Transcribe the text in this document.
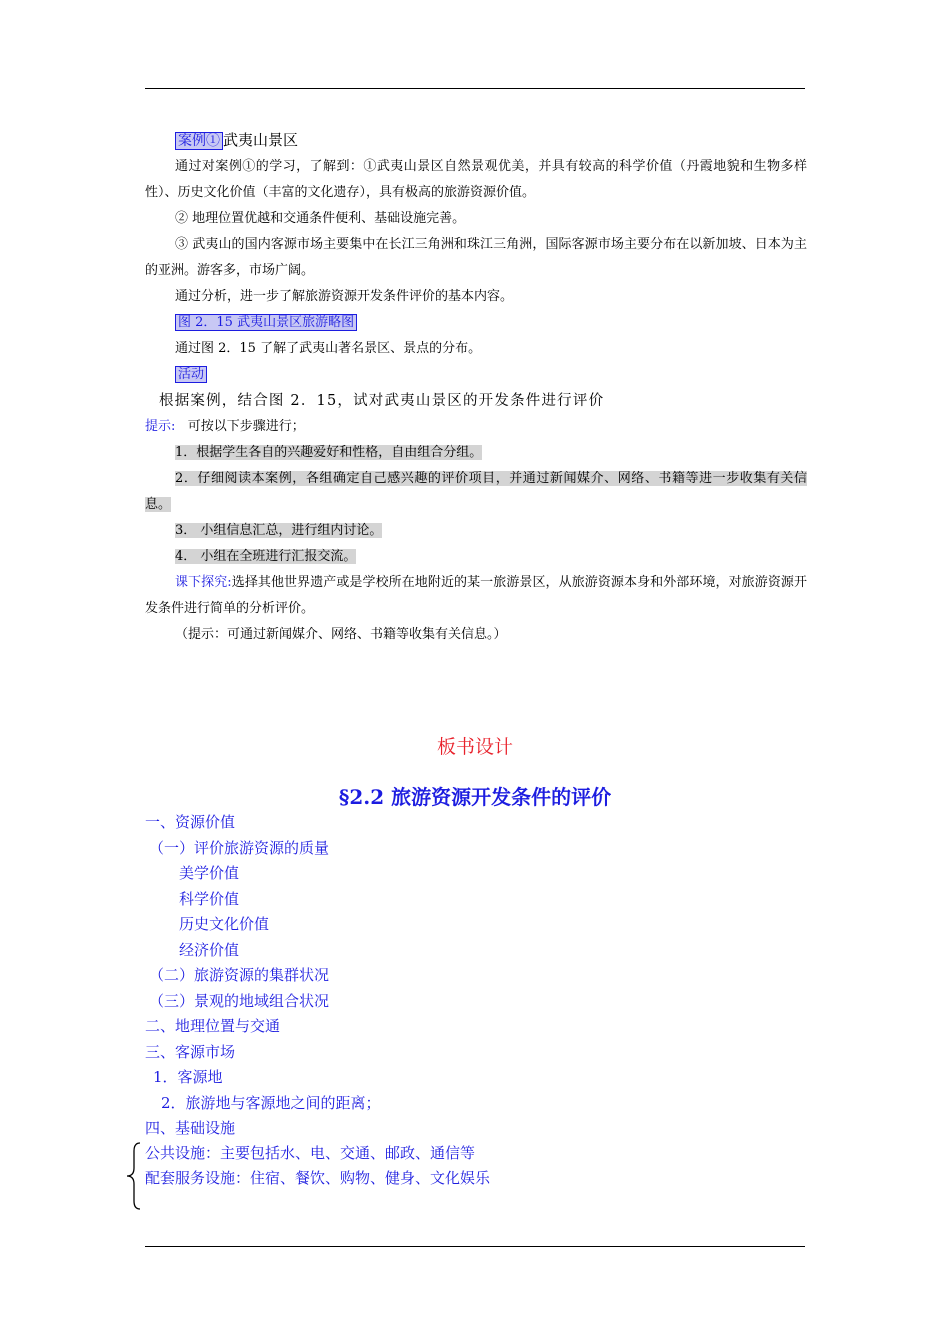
案例① 武夷山景区

通过对案例①的学习，了解到：①武夷山景区自然景观优美，并具有较高的科学价值（丹霞地貌和生物多样性）、历史文化价值（丰富的文化遗存），具有极高的旅游资源价值。

② 地理位置优越和交通条件便利、基础设施完善。

③ 武夷山的国内客源市场主要集中在长江三角洲和珠江三角洲，国际客源市场主要分布在以新加坡、日本为主的亚洲。游客多，市场广阔。

通过分析，进一步了解旅游资源开发条件评价的基本内容。

图 2．15 武夷山景区旅游略图

通过图 2．15 了解了武夷山著名景区、景点的分布。

活动

根据案例，结合图 2．15，试对武夷山景区的开发条件进行评价

提示: 可按以下步骤进行；

1．根据学生各自的兴趣爱好和性格，自由组合分组。

2．仔细阅读本案例，各组确定自己感兴趣的评价项目，并通过新闻媒介、网络、书籍等进一步收集有关信息。

3． 小组信息汇总，进行组内讨论。

4． 小组在全班进行汇报交流。

课下探究:选择其他世界遗产或是学校所在地附近的某一旅游景区，从旅游资源本身和外部环境，对旅游资源开发条件进行简单的分析评价。

（提示：可通过新闻媒介、网络、书籍等收集有关信息。）

板书设计
§2.2 旅游资源开发条件的评价

一、资源价值

（一）评价旅游资源的质量

美学价值

科学价值

历史文化价值

经济价值

（二）旅游资源的集群状况

（三）景观的地域组合状况

二、地理位置与交通

三、客源市场

1．客源地

2．旅游地与客源地之间的距离；

四、基础设施

公共设施：主要包括水、电、交通、邮政、通信等

配套服务设施：住宿、餐饮、购物、健身、文化娱乐
